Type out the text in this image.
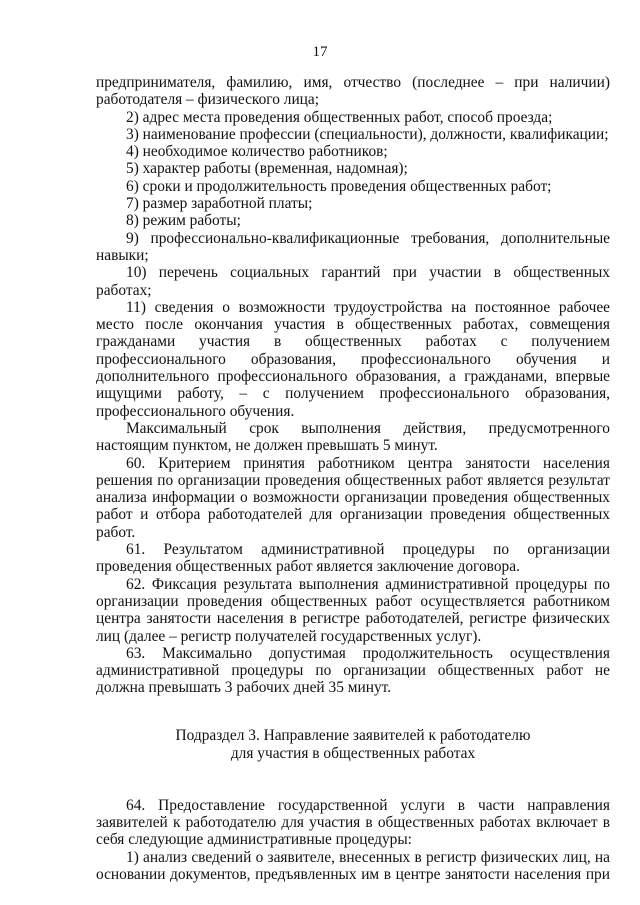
17

предпринимателя, фамилию, имя, отчество (последнее – при наличии) работодателя – физического лица;

2) адрес места проведения общественных работ, способ проезда;

3) наименование профессии (специальности), должности, квалификации;

4) необходимое количество работников;

5) характер работы (временная, надомная);

6) сроки и продолжительность проведения общественных работ;

7) размер заработной платы;

8) режим работы;

9) профессионально-квалификационные требования, дополнительные навыки;

10) перечень социальных гарантий при участии в общественных работах;

11) сведения о возможности трудоустройства на постоянное рабочее место после окончания участия в общественных работах, совмещения гражданами участия в общественных работах с получением профессионального образования, профессионального обучения и дополнительного профессионального образования, а гражданами, впервые ищущими работу, – с получением профессионального образования, профессионального обучения.

Максимальный срок выполнения действия, предусмотренного настоящим пунктом, не должен превышать 5 минут.

60. Критерием принятия работником центра занятости населения решения по организации проведения общественных работ является результат анализа информации о возможности организации проведения общественных работ и отбора работодателей для организации проведения общественных работ.

61. Результатом административной процедуры по организации проведения общественных работ является заключение договора.

62. Фиксация результата выполнения административной процедуры по организации проведения общественных работ осуществляется работником центра занятости населения в регистре работодателей, регистре физических лиц (далее – регистр получателей государственных услуг).

63. Максимально допустимая продолжительность осуществления административной процедуры по организации общественных работ не должна превышать 3 рабочих дней 35 минут.

Подраздел 3. Направление заявителей к работодателю
для участия в общественных работах

64. Предоставление государственной услуги в части направления заявителей к работодателю для участия в общественных работах включает в себя следующие административные процедуры:

1) анализ сведений о заявителе, внесенных в регистр физических лиц, на основании документов, предъявленных им в центре занятости населения при
